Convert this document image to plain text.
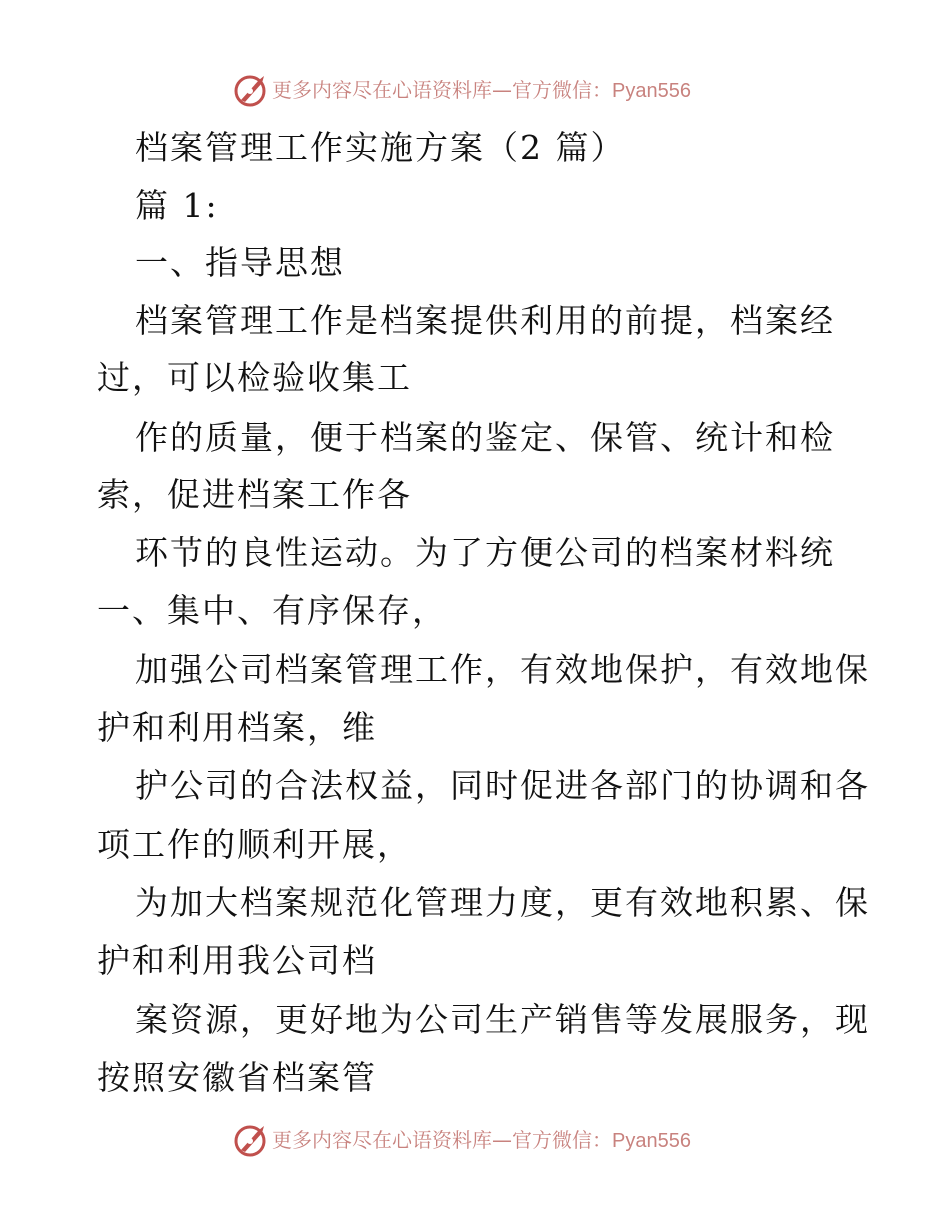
更多内容尽在心语资料库—官方微信：Pyan556
档案管理工作实施方案（2 篇）
篇 1:
一、指导思想
档案管理工作是档案提供利用的前提，档案经
过，可以检验收集工
作的质量，便于档案的鉴定、保管、统计和检
索，促进档案工作各
环节的良性运动。为了方便公司的档案材料统
一、集中、有序保存，
加强公司档案管理工作，有效地保护，有效地保
护和利用档案，维
护公司的合法权益，同时促进各部门的协调和各
项工作的顺利开展，
为加大档案规范化管理力度，更有效地积累、保
护和利用我公司档
案资源，更好地为公司生产销售等发展服务，现
按照安徽省档案管
更多内容尽在心语资料库—官方微信：Pyan556
